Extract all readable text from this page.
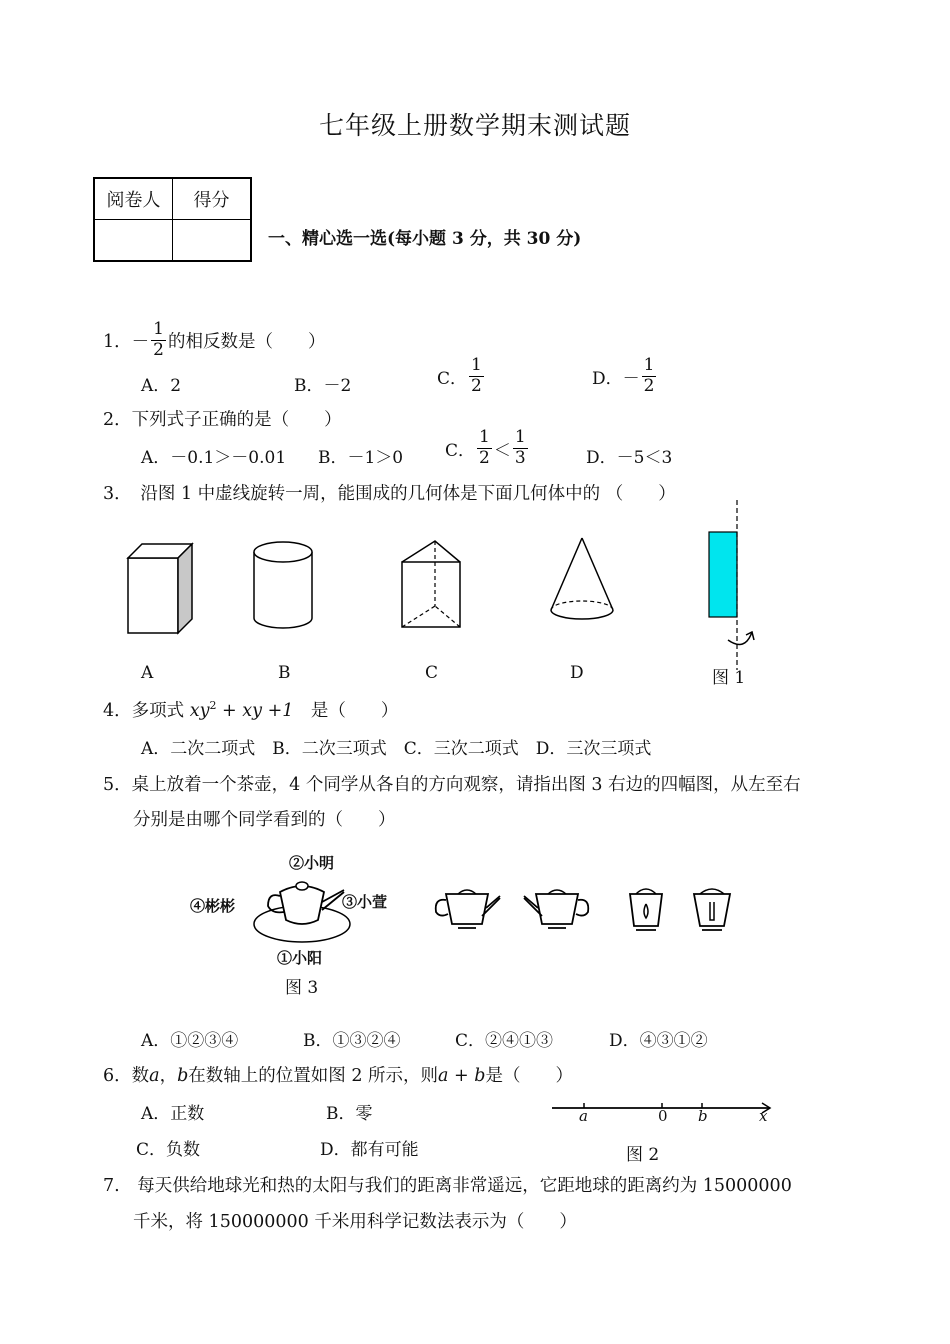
七年级上册数学期末测试题
阅卷人	得分

一、精心选一选(每小题 3 分，共 30 分)
1． － $\frac{1}{2}$ 的相反数是（　　）
A．2	B．－2	C． $\frac{1}{2}$	D．－ $\frac{1}{2}$
2．下列式子正确的是（　　）
A．－0.1＞－0.01 B．－1＞0 C． $\frac{1}{2} < \frac{1}{3}$	D．－5＜3
3．　沿图 1 中虚线旋转一周，能围成的几何体是下面几何体中的 （　　）
A	B	C	D	图 1
4．多项式 $xy^2$ + xy +1　是（　　）
A．二次二项式　B．二次三项式　C．三次二项式　D．三次三项式
5．桌上放着一个茶壶，4 个同学从各自的方向观察，请指出图 3 右边的四幅图，从左至右
分别是由哪个同学看到的（　　）
②小明
④彬彬	③小萱
①小阳
图 3
A．①②③④	B．①③②④	C．②④①③	D．④③①②
6．数a，b在数轴上的位置如图 2 所示，则a + b是（　　）
A．正数	B．零
C．负数	D．都有可能
a	0 b	x
图 2
7.　每天供给地球光和热的太阳与我们的距离非常遥远，它距地球的距离约为 15000000
千米，将 150000000 千米用科学记数法表示为（　　）
